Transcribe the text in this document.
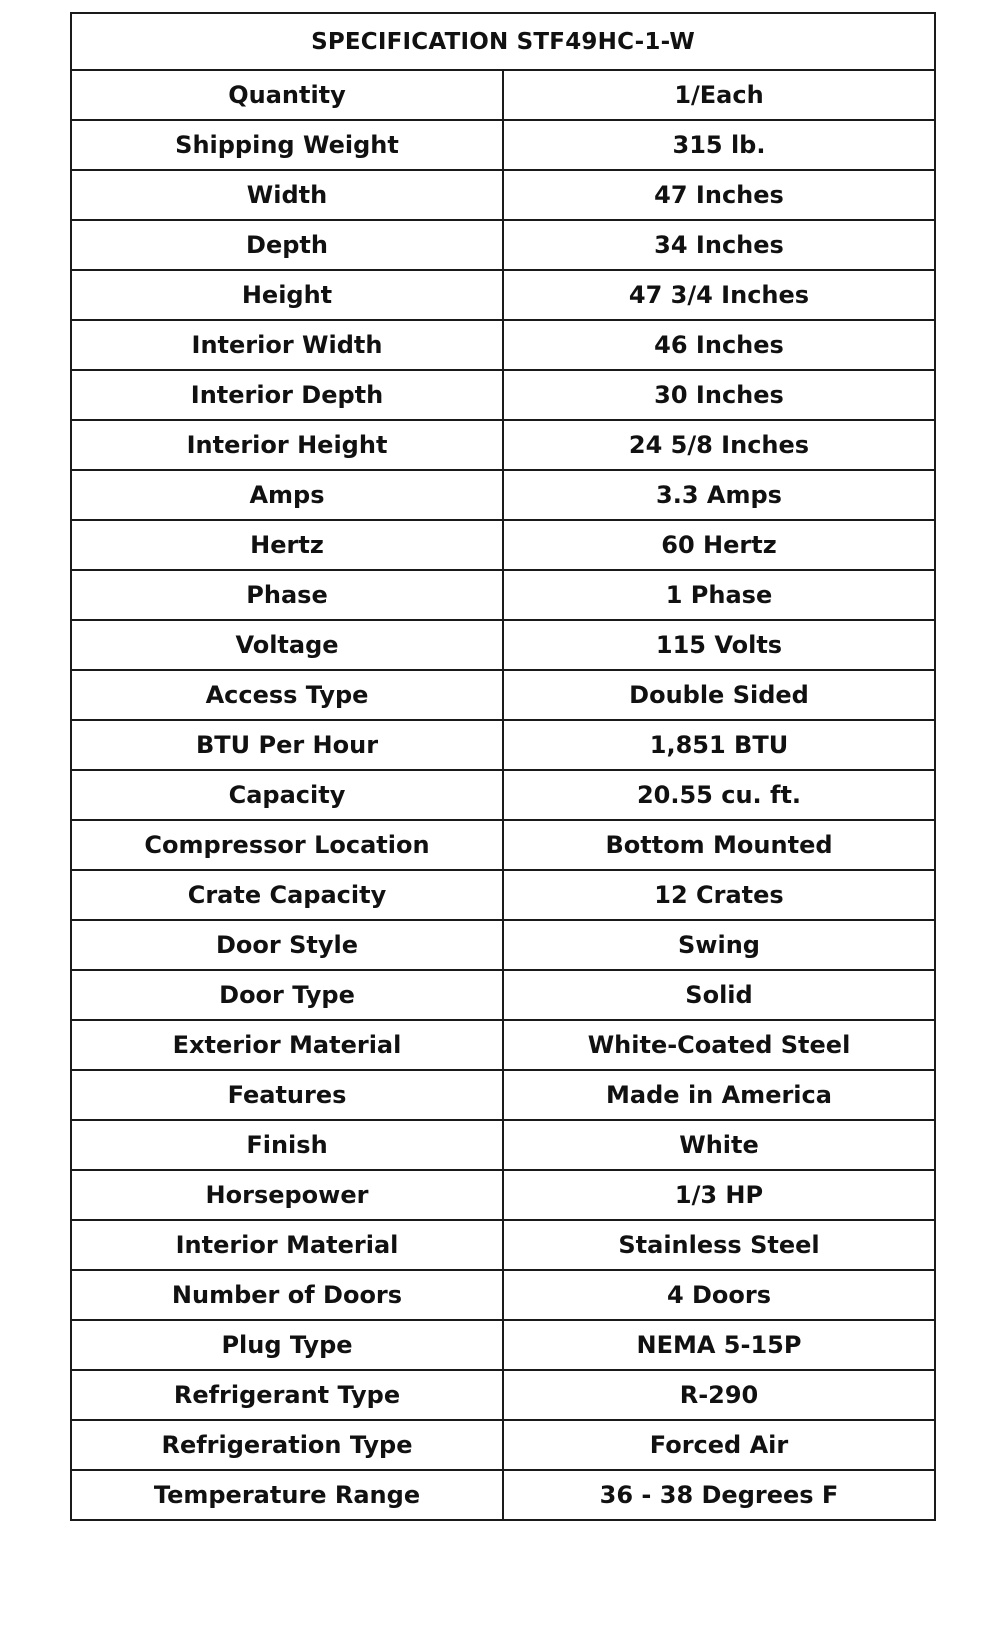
SPECIFICATION STF49HC-1-W	
Quantity	1/Each
Shipping Weight	315 lb.
Width	47 Inches
Depth	34 Inches
Height	47 3/4 Inches
Interior Width	46 Inches
Interior Depth	30 Inches
Interior Height	24 5/8 Inches
Amps	3.3 Amps
Hertz	60 Hertz
Phase	1 Phase
Voltage	115 Volts
Access Type	Double Sided
BTU Per Hour	1,851 BTU
Capacity	20.55 cu. ft.
Compressor Location	Bottom Mounted
Crate Capacity	12 Crates
Door Style	Swing
Door Type	Solid
Exterior Material	White-Coated Steel
Features	Made in America
Finish	White
Horsepower	1/3 HP
Interior Material	Stainless Steel
Number of Doors	4 Doors
Plug Type	NEMA 5-15P
Refrigerant Type	R-290
Refrigeration Type	Forced Air
Temperature Range	36 - 38 Degrees F
